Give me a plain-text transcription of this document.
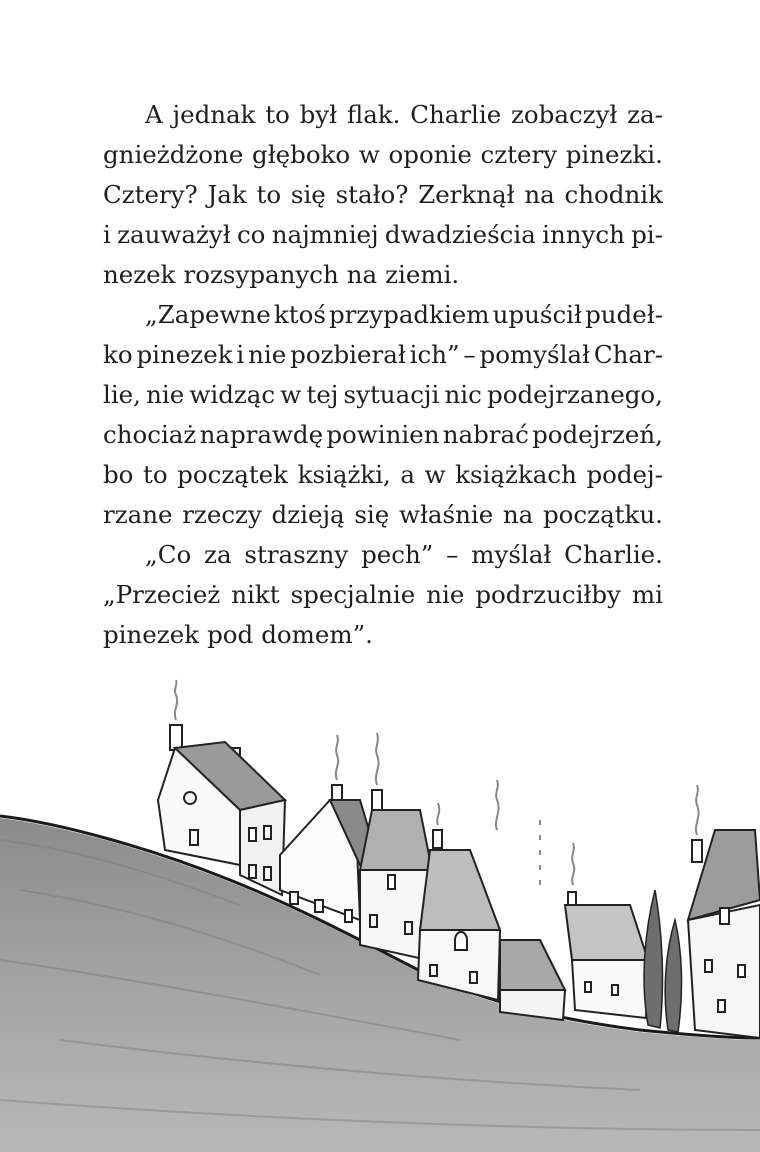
A jednak to był flak. Charlie zobaczył za-
gnieżdżone głęboko w oponie cztery pinezki.
Cztery? Jak to się stało? Zerknął na chodnik
i zauważył co najmniej dwadzieścia innych pi-
nezek rozsypanych na ziemi.
„Zapewne ktoś przypadkiem upuścił pudeł-
ko pinezek i nie pozbierał ich” – pomyślał Char-
lie, nie widząc w tej sytuacji nic podejrzanego,
chociaż naprawdę powinien nabrać podejrzeń,
bo to początek książki, a w książkach podej-
rzane rzeczy dzieją się właśnie na początku.
„Co za straszny pech” – myślał Charlie.
„Przecież nikt specjalnie nie podrzuciłby mi
pinezek pod domem”.
